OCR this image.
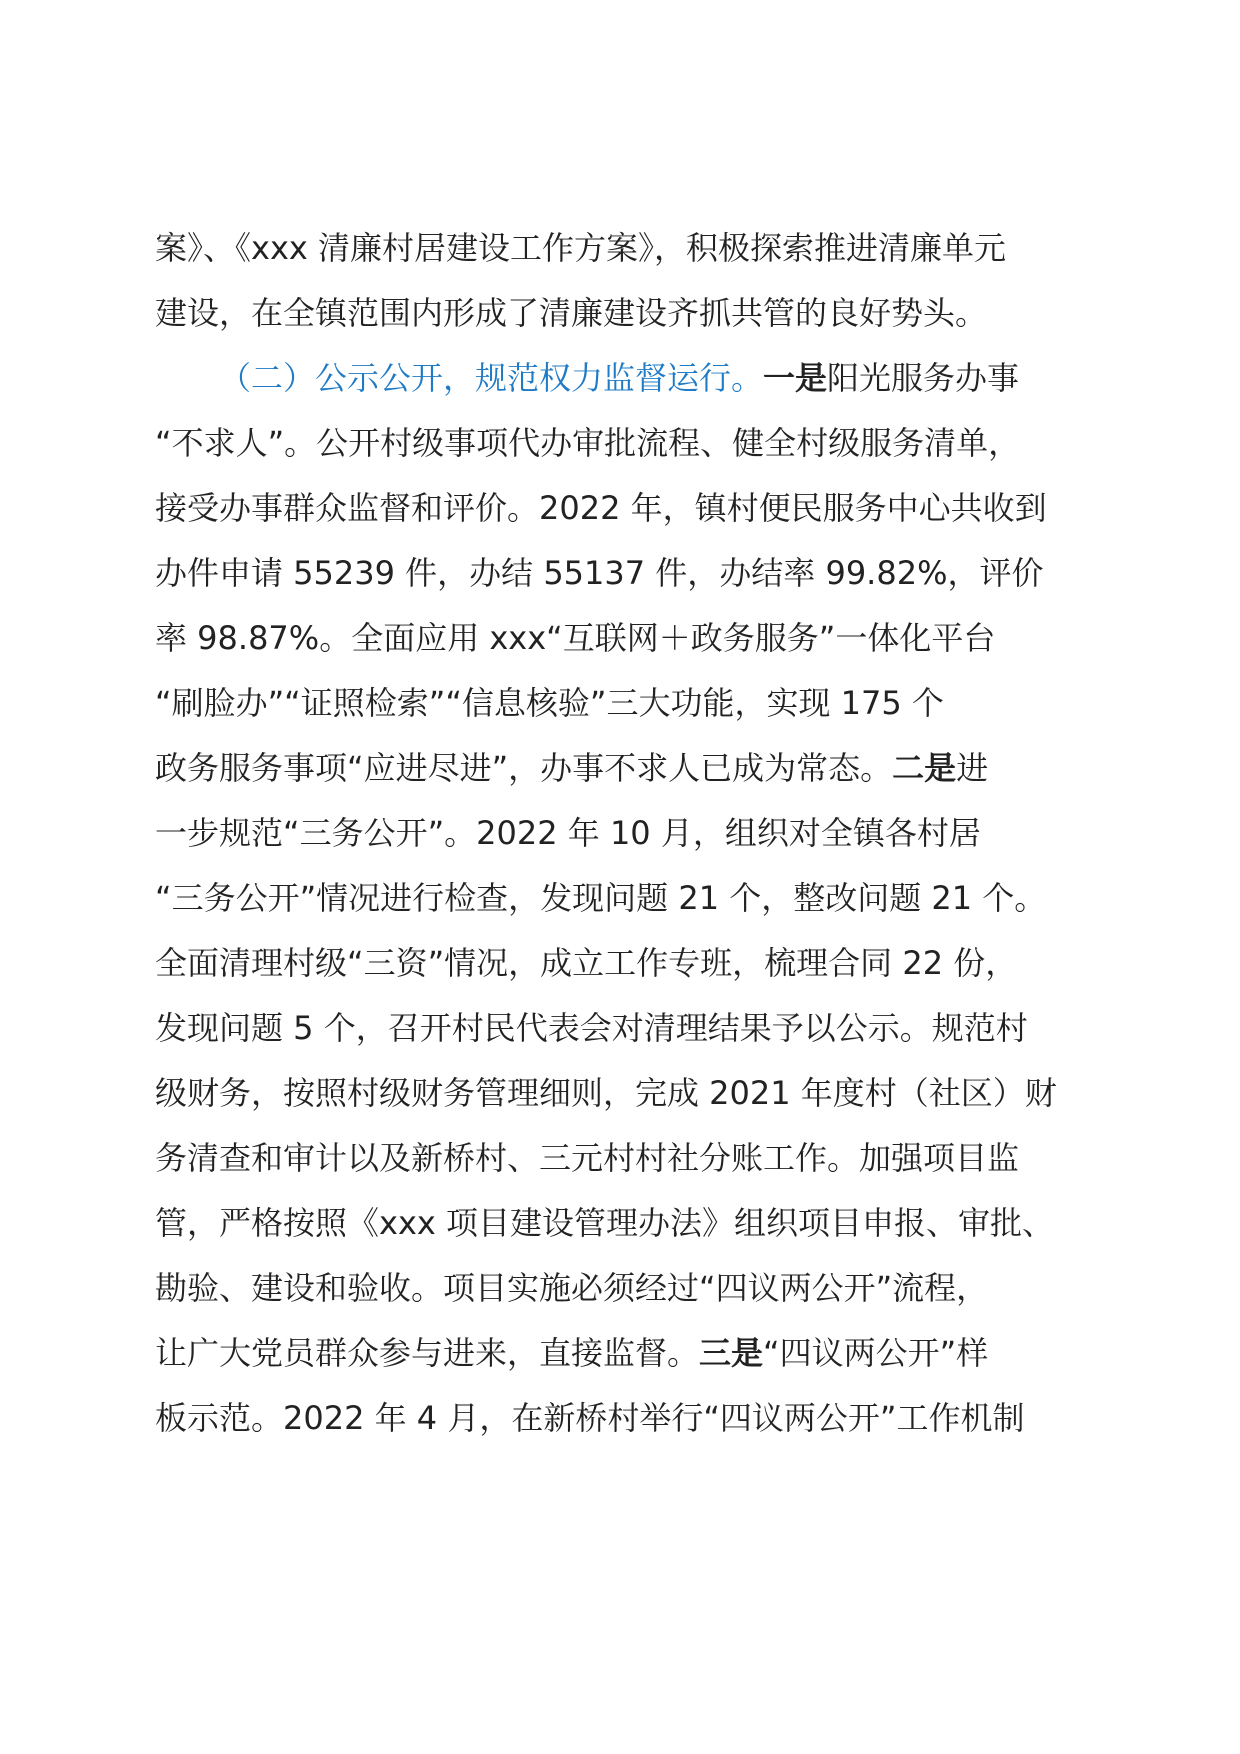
案》、《xxx 清廉村居建设工作方案》，积极探索推进清廉单元
建设，在全镇范围内形成了清廉建设齐抓共管的良好势头。
（二）公示公开，规范权力监督运行。一是阳光服务办事
“不求人”。公开村级事项代办审批流程、健全村级服务清单，
接受办事群众监督和评价。2022 年，镇村便民服务中心共收到
办件申请 55239 件，办结 55137 件，办结率 99.82%，评价
率 98.87%。全面应用 xxx“互联网＋政务服务”一体化平台
“刷脸办”“证照检索”“信息核验”三大功能，实现 175 个
政务服务事项“应进尽进”，办事不求人已成为常态。二是进
一步规范“三务公开”。2022 年 10 月，组织对全镇各村居
“三务公开”情况进行检查，发现问题 21 个，整改问题 21 个。
全面清理村级“三资”情况，成立工作专班，梳理合同 22 份，
发现问题 5 个，召开村民代表会对清理结果予以公示。规范村
级财务，按照村级财务管理细则，完成 2021 年度村（社区）财
务清查和审计以及新桥村、三元村村社分账工作。加强项目监
管，严格按照《xxx 项目建设管理办法》组织项目申报、审批、
勘验、建设和验收。项目实施必须经过“四议两公开”流程，
让广大党员群众参与进来，直接监督。三是“四议两公开”样
板示范。2022 年 4 月，在新桥村举行“四议两公开”工作机制
